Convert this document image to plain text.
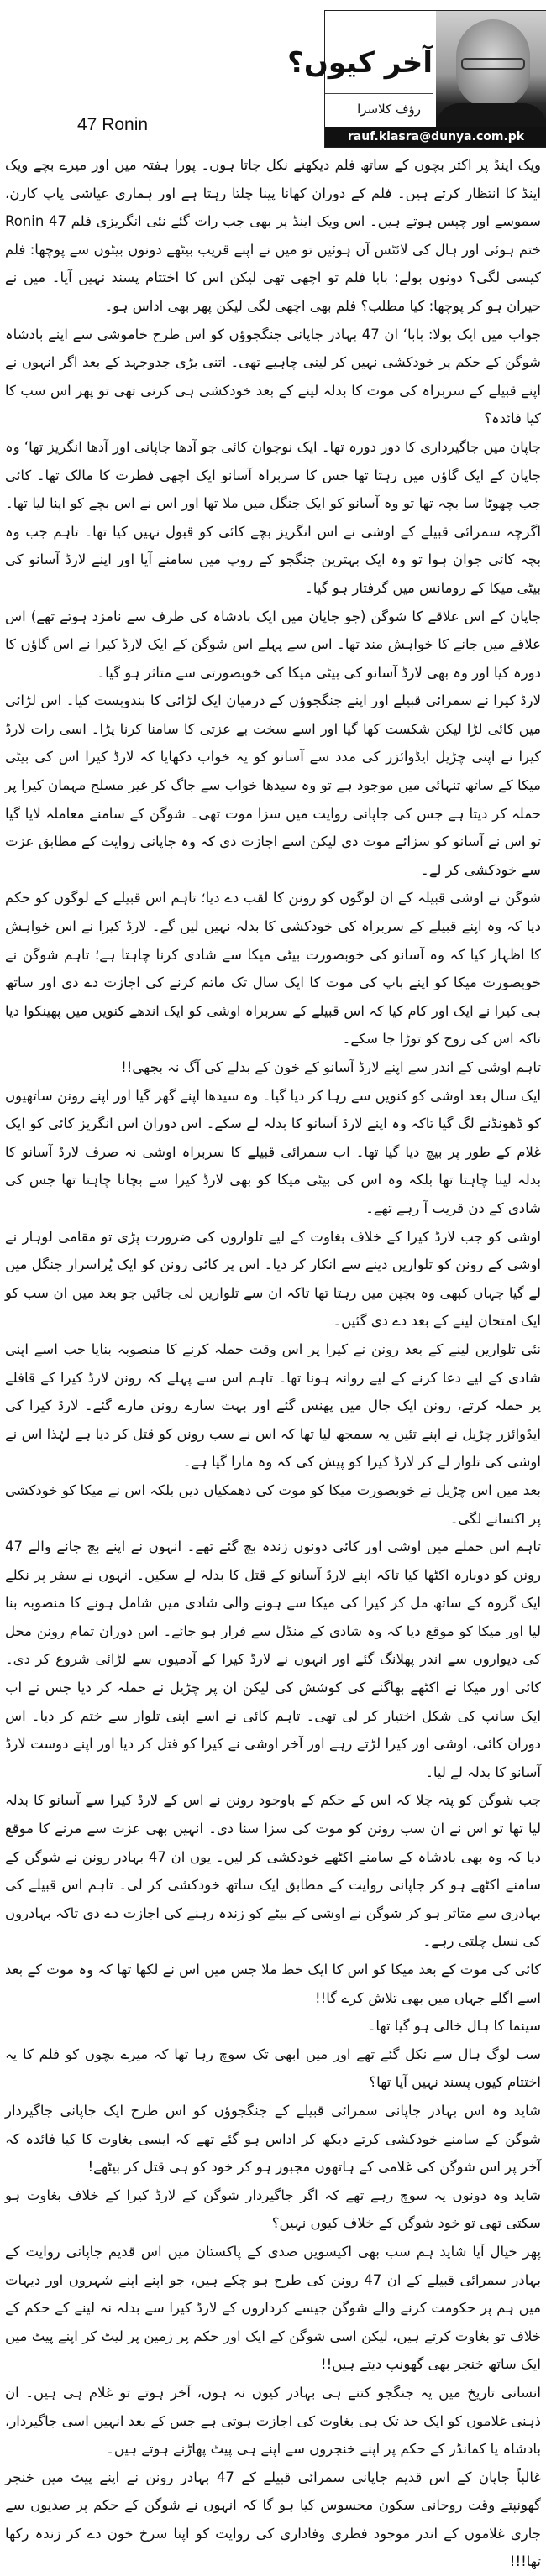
47 Ronin
آخر کیوں؟
رؤف کلاسرا
rauf.klasra@dunya.com.pk

ویک اینڈ پر اکثر بچوں کے ساتھ فلم دیکھنے نکل جاتا ہوں۔ پورا ہفتہ میں اور میرے بچے ویک اینڈ کا انتظار کرتے ہیں۔ فلم کے دوران کھانا پینا چلتا رہتا ہے اور ہماری عیاشی پاپ کارن، سموسے اور چپس ہوتے ہیں۔ اس ویک اینڈ پر بھی جب رات گئے نئی انگریزی فلم 47 Ronin ختم ہوئی اور ہال کی لائٹس آن ہوئیں تو میں نے اپنے قریب بیٹھے دونوں بیٹوں سے پوچھا: فلم کیسی لگی؟ دونوں بولے: بابا فلم تو اچھی تھی لیکن اس کا اختتام پسند نہیں آیا۔ میں نے حیران ہو کر پوچھا: کیا مطلب؟ فلم بھی اچھی لگی لیکن پھر بھی اداس ہو۔

جواب میں ایک بولا: بابا‘ ان 47 بہادر جاپانی جنگجوؤں کو اس طرح خاموشی سے اپنے بادشاہ شوگن کے حکم پر خودکشی نہیں کر لینی چاہیے تھی۔ اتنی بڑی جدوجہد کے بعد اگر انہوں نے اپنے قبیلے کے سربراہ کی موت کا بدلہ لینے کے بعد خودکشی ہی کرنی تھی تو پھر اس سب کا کیا فائدہ؟

جاپان میں جاگیرداری کا دور دورہ تھا۔ ایک نوجوان کائی جو آدھا جاپانی اور آدھا انگریز تھا‘ وہ جاپان کے ایک گاؤں میں رہتا تھا جس کا سربراہ آسانو ایک اچھی فطرت کا مالک تھا۔ کائی جب چھوٹا سا بچہ تھا تو وہ آسانو کو ایک جنگل میں ملا تھا اور اس نے اس بچے کو اپنا لیا تھا۔ اگرچہ سمرائی قبیلے کے اوشی نے اس انگریز بچے کائی کو قبول نہیں کیا تھا۔ تاہم جب وہ بچہ کائی جوان ہوا تو وہ ایک بہترین جنگجو کے روپ میں سامنے آیا اور اپنے لارڈ آسانو کی بیٹی میکا کے رومانس میں گرفتار ہو گیا۔

جاپان کے اس علاقے کا شوگن (جو جاپان میں ایک بادشاہ کی طرف سے نامزد ہوتے تھے) اس علاقے میں جانے کا خواہش مند تھا۔ اس سے پہلے اس شوگن کے ایک لارڈ کیرا نے اس گاؤں کا دورہ کیا اور وہ بھی لارڈ آسانو کی بیٹی میکا کی خوبصورتی سے متاثر ہو گیا۔

لارڈ کیرا نے سمرائی قبیلے اور اپنے جنگجوؤں کے درمیان ایک لڑائی کا بندوبست کیا۔ اس لڑائی میں کائی لڑا لیکن شکست کھا گیا اور اسے سخت بے عزتی کا سامنا کرنا پڑا۔ اسی رات لارڈ کیرا نے اپنی چڑیل ایڈوائزر کی مدد سے آسانو کو یہ خواب دکھایا کہ لارڈ کیرا اس کی بیٹی میکا کے ساتھ تنہائی میں موجود ہے تو وہ سیدھا خواب سے جاگ کر غیر مسلح مہمان کیرا پر حملہ کر دیتا ہے جس کی جاپانی روایت میں سزا موت تھی۔ شوگن کے سامنے معاملہ لایا گیا تو اس نے آسانو کو سزائے موت دی لیکن اسے اجازت دی کہ وہ جاپانی روایت کے مطابق عزت سے خودکشی کر لے۔

شوگن نے اوشی قبیلہ کے ان لوگوں کو رونن کا لقب دے دیا؛ تاہم اس قبیلے کے لوگوں کو حکم دیا کہ وہ اپنے قبیلے کے سربراہ کی خودکشی کا بدلہ نہیں لیں گے۔ لارڈ کیرا نے اس خواہش کا اظہار کیا کہ وہ آسانو کی خوبصورت بیٹی میکا سے شادی کرنا چاہتا ہے؛ تاہم شوگن نے خوبصورت میکا کو اپنے باپ کی موت کا ایک سال تک ماتم کرنے کی اجازت دے دی اور ساتھ ہی کیرا نے ایک اور کام کیا کہ اس قبیلے کے سربراہ اوشی کو ایک اندھے کنویں میں پھینکوا دیا تاکہ اس کی روح کو توڑا جا سکے۔

تاہم اوشی کے اندر سے اپنے لارڈ آسانو کے خون کے بدلے کی آگ نہ بجھی!!

ایک سال بعد اوشی کو کنویں سے رہا کر دیا گیا۔ وہ سیدھا اپنے گھر گیا اور اپنے رونن ساتھیوں کو ڈھونڈنے لگ گیا تاکہ وہ اپنے لارڈ آسانو کا بدلہ لے سکے۔ اس دوران اس انگریز کائی کو ایک غلام کے طور پر بیچ دیا گیا تھا۔ اب سمرائی قبیلے کا سربراہ اوشی نہ صرف لارڈ آسانو کا بدلہ لینا چاہتا تھا بلکہ وہ اس کی بیٹی میکا کو بھی لارڈ کیرا سے بچانا چاہتا تھا جس کی شادی کے دن قریب آ رہے تھے۔

اوشی کو جب لارڈ کیرا کے خلاف بغاوت کے لیے تلواروں کی ضرورت پڑی تو مقامی لوہار نے اوشی کے رونن کو تلواریں دینے سے انکار کر دیا۔ اس پر کائی رونن کو ایک پُراسرار جنگل میں لے گیا جہاں کبھی وہ بچپن میں رہتا تھا تاکہ ان سے تلواریں لی جائیں جو بعد میں ان سب کو ایک امتحان لینے کے بعد دے دی گئیں۔

نئی تلواریں لینے کے بعد رونن نے کیرا پر اس وقت حملہ کرنے کا منصوبہ بنایا جب اسے اپنی شادی کے لیے دعا کرنے کے لیے روانہ ہونا تھا۔ تاہم اس سے پہلے کہ رونن لارڈ کیرا کے قافلے پر حملہ کرتے، رونن ایک جال میں پھنس گئے اور بہت سارے رونن مارے گئے۔ لارڈ کیرا کی ایڈوائزر چڑیل نے اپنے تئیں یہ سمجھ لیا تھا کہ اس نے سب رونن کو قتل کر دیا ہے لہٰذا اس نے اوشی کی تلوار لے کر لارڈ کیرا کو پیش کی کہ وہ مارا گیا ہے۔

بعد میں اس چڑیل نے خوبصورت میکا کو موت کی دھمکیاں دیں بلکہ اس نے میکا کو خودکشی پر اکسانے لگی۔

تاہم اس حملے میں اوشی اور کائی دونوں زندہ بچ گئے تھے۔ انہوں نے اپنے بچ جانے والے 47 رونن کو دوبارہ اکٹھا کیا تاکہ اپنے لارڈ آسانو کے قتل کا بدلہ لے سکیں۔ انہوں نے سفر پر نکلے ایک گروہ کے ساتھ مل کر کیرا کی میکا سے ہونے والی شادی میں شامل ہونے کا منصوبہ بنا لیا اور میکا کو موقع دیا کہ وہ شادی کے منڈل سے فرار ہو جائے۔ اس دوران تمام رونن محل کی دیواروں سے اندر پھلانگ گئے اور انہوں نے لارڈ کیرا کے آدمیوں سے لڑائی شروع کر دی۔ کائی اور میکا نے اکٹھے بھاگنے کی کوشش کی لیکن ان پر چڑیل نے حملہ کر دیا جس نے اب ایک سانپ کی شکل اختیار کر لی تھی۔ تاہم کائی نے اسے اپنی تلوار سے ختم کر دیا۔ اس دوران کائی، اوشی اور کیرا لڑتے رہے اور آخر اوشی نے کیرا کو قتل کر دیا اور اپنے دوست لارڈ آسانو کا بدلہ لے لیا۔

جب شوگن کو پتہ چلا کہ اس کے حکم کے باوجود رونن نے اس کے لارڈ کیرا سے آسانو کا بدلہ لیا تھا تو اس نے ان سب رونن کو موت کی سزا سنا دی۔ انہیں بھی عزت سے مرنے کا موقع دیا کہ وہ بھی بادشاہ کے سامنے اکٹھے خودکشی کر لیں۔ یوں ان 47 بہادر رونن نے شوگن کے سامنے اکٹھے ہو کر جاپانی روایت کے مطابق ایک ساتھ خودکشی کر لی۔ تاہم اس قبیلے کی بہادری سے متاثر ہو کر شوگن نے اوشی کے بیٹے کو زندہ رہنے کی اجازت دے دی تاکہ بہادروں کی نسل چلتی رہے۔

کائی کی موت کے بعد میکا کو اس کا ایک خط ملا جس میں اس نے لکھا تھا کہ وہ موت کے بعد اسے اگلے جہاں میں بھی تلاش کرے گا!!

سینما کا ہال خالی ہو گیا تھا۔

سب لوگ ہال سے نکل گئے تھے اور میں ابھی تک سوچ رہا تھا کہ میرے بچوں کو فلم کا یہ اختتام کیوں پسند نہیں آیا تھا؟

شاید وہ اس بہادر جاپانی سمرائی قبیلے کے جنگجوؤں کو اس طرح ایک جاپانی جاگیردار شوگن کے سامنے خودکشی کرتے دیکھ کر اداس ہو گئے تھے کہ ایسی بغاوت کا کیا فائدہ کہ آخر پر اس شوگن کی غلامی کے ہاتھوں مجبور ہو کر خود کو ہی قتل کر بیٹھے!

شاید وہ دونوں یہ سوچ رہے تھے کہ اگر جاگیردار شوگن کے لارڈ کیرا کے خلاف بغاوت ہو سکتی تھی تو خود شوگن کے خلاف کیوں نہیں؟

پھر خیال آیا شاید ہم سب بھی اکیسویں صدی کے پاکستان میں اس قدیم جاپانی روایت کے بہادر سمرائی قبیلے کے ان 47 رونن کی طرح ہو چکے ہیں، جو اپنے اپنے شہروں اور دیہات میں ہم پر حکومت کرنے والے شوگن جیسے کرداروں کے لارڈ کیرا سے بدلہ نہ لینے کے حکم کے خلاف تو بغاوت کرتے ہیں، لیکن اسی شوگن کے ایک اور حکم پر زمین پر لیٹ کر اپنے پیٹ میں ایک ساتھ خنجر بھی گھونپ دیتے ہیں!!

انسانی تاریخ میں یہ جنگجو کتنے ہی بہادر کیوں نہ ہوں، آخر ہوتے تو غلام ہی ہیں۔ ان ذہنی غلاموں کو ایک حد تک ہی بغاوت کی اجازت ہوتی ہے جس کے بعد انہیں اسی جاگیردار، بادشاہ یا کمانڈر کے حکم پر اپنے خنجروں سے اپنے ہی پیٹ پھاڑنے ہوتے ہیں۔

غالباً جاپان کے اس قدیم جاپانی سمرائی قبیلے کے 47 بہادر رونن نے اپنے پیٹ میں خنجر گھونپتے وقت روحانی سکون محسوس کیا ہو گا کہ انہوں نے شوگن کے حکم پر صدیوں سے جاری غلاموں کے اندر موجود فطری وفاداری کی روایت کو اپنا سرخ خون دے کر زندہ رکھا تھا!!!
